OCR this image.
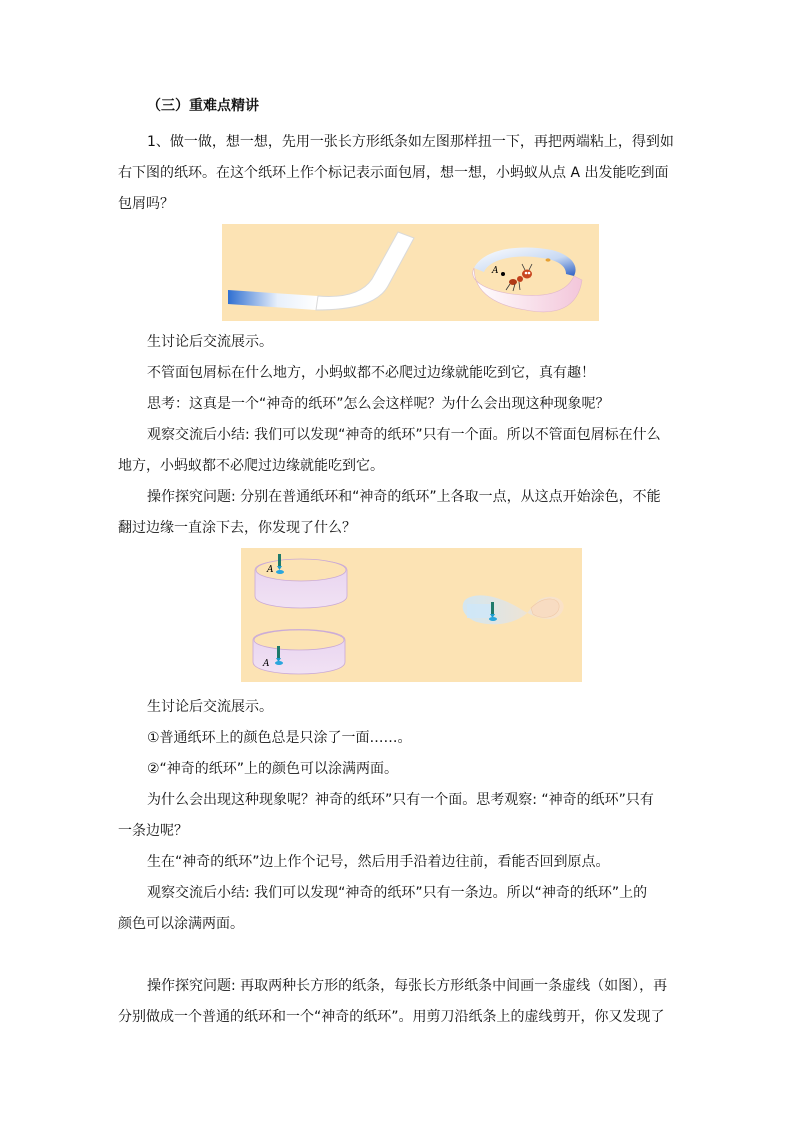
（三）重难点精讲
1、做一做，想一想，先用一张长方形纸条如左图那样扭一下，再把两端粘上，得到如
右下图的纸环。在这个纸环上作个标记表示面包屑，想一想，小蚂蚁从点 A 出发能吃到面
包屑吗？
A
生讨论后交流展示。
不管面包屑标在什么地方，小蚂蚁都不必爬过边缘就能吃到它，真有趣！
思考：这真是一个“神奇的纸环”怎么会这样呢？为什么会出现这种现象呢？
观察交流后小结: 我们可以发现“神奇的纸环”只有一个面。所以不管面包屑标在什么
地方，小蚂蚁都不必爬过边缘就能吃到它。
操作探究问题: 分别在普通纸环和“神奇的纸环”上各取一点，从这点开始涂色，不能
翻过边缘一直涂下去，你发现了什么？
A
A
生讨论后交流展示。
①普通纸环上的颜色总是只涂了一面……。
②“神奇的纸环”上的颜色可以涂满两面。
为什么会出现这种现象呢？神奇的纸环”只有一个面。思考观察: “神奇的纸环”只有
一条边呢？
生在“神奇的纸环”边上作个记号，然后用手沿着边往前，看能否回到原点。
观察交流后小结: 我们可以发现“神奇的纸环”只有一条边。所以“神奇的纸环”上的
颜色可以涂满两面。
操作探究问题: 再取两种长方形的纸条，每张长方形纸条中间画一条虚线（如图），再
分别做成一个普通的纸环和一个“神奇的纸环”。用剪刀沿纸条上的虚线剪开，你又发现了
